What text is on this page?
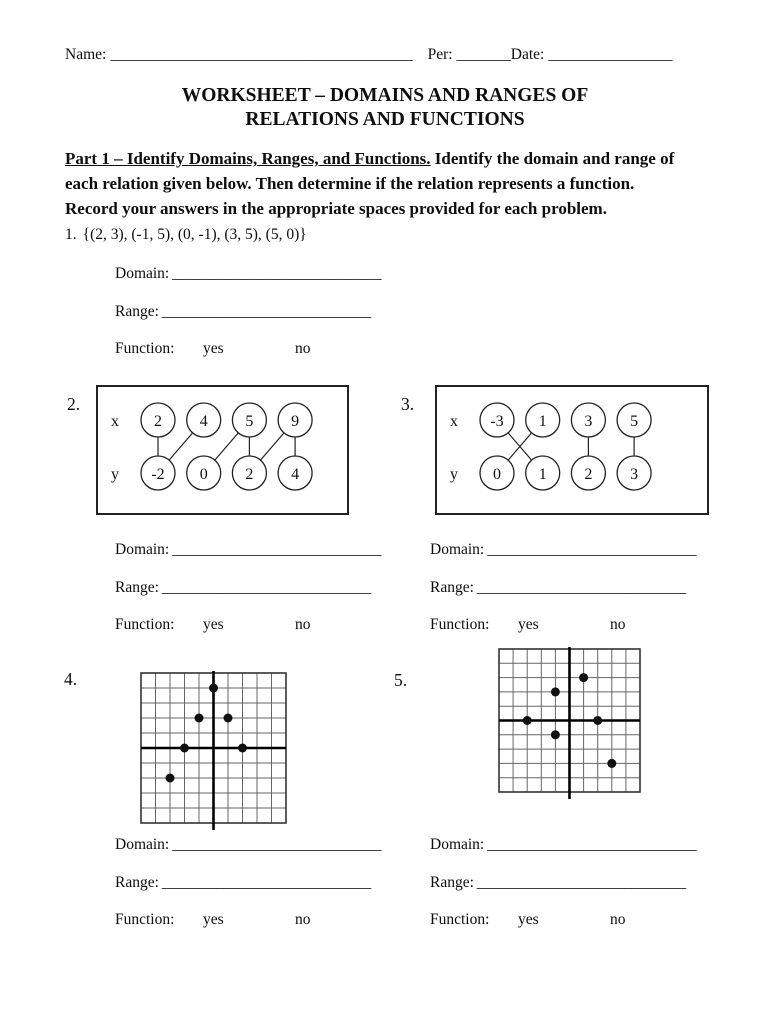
Name: _______________________________________ Per: _______Date: ________________
WORKSHEET – DOMAINS AND RANGES OF
RELATIONS AND FUNCTIONS
Part 1 – Identify Domains, Ranges, and Functions. Identify the domain and range of
each relation given below. Then determine if the relation represents a function.
Record your answers in the appropriate spaces provided for each problem.
1. {(2, 3), (-1, 5), (0, -1), (3, 5), (5, 0)}
Domain: ___________________________
Range: ___________________________
Function: yes	no
2.
x
y
2 4 5 9
-2 0 2 4
3.
x
y
-3 1 3 5
0 1 2 3
Domain: ___________________________
Range: ___________________________
Function: yes	no
Domain: ___________________________
Range: ___________________________
Function: yes	no
4.	5.
Domain: ___________________________
Range: ___________________________
Function: yes	no
Domain: ___________________________
Range: ___________________________
Function: yes	no
